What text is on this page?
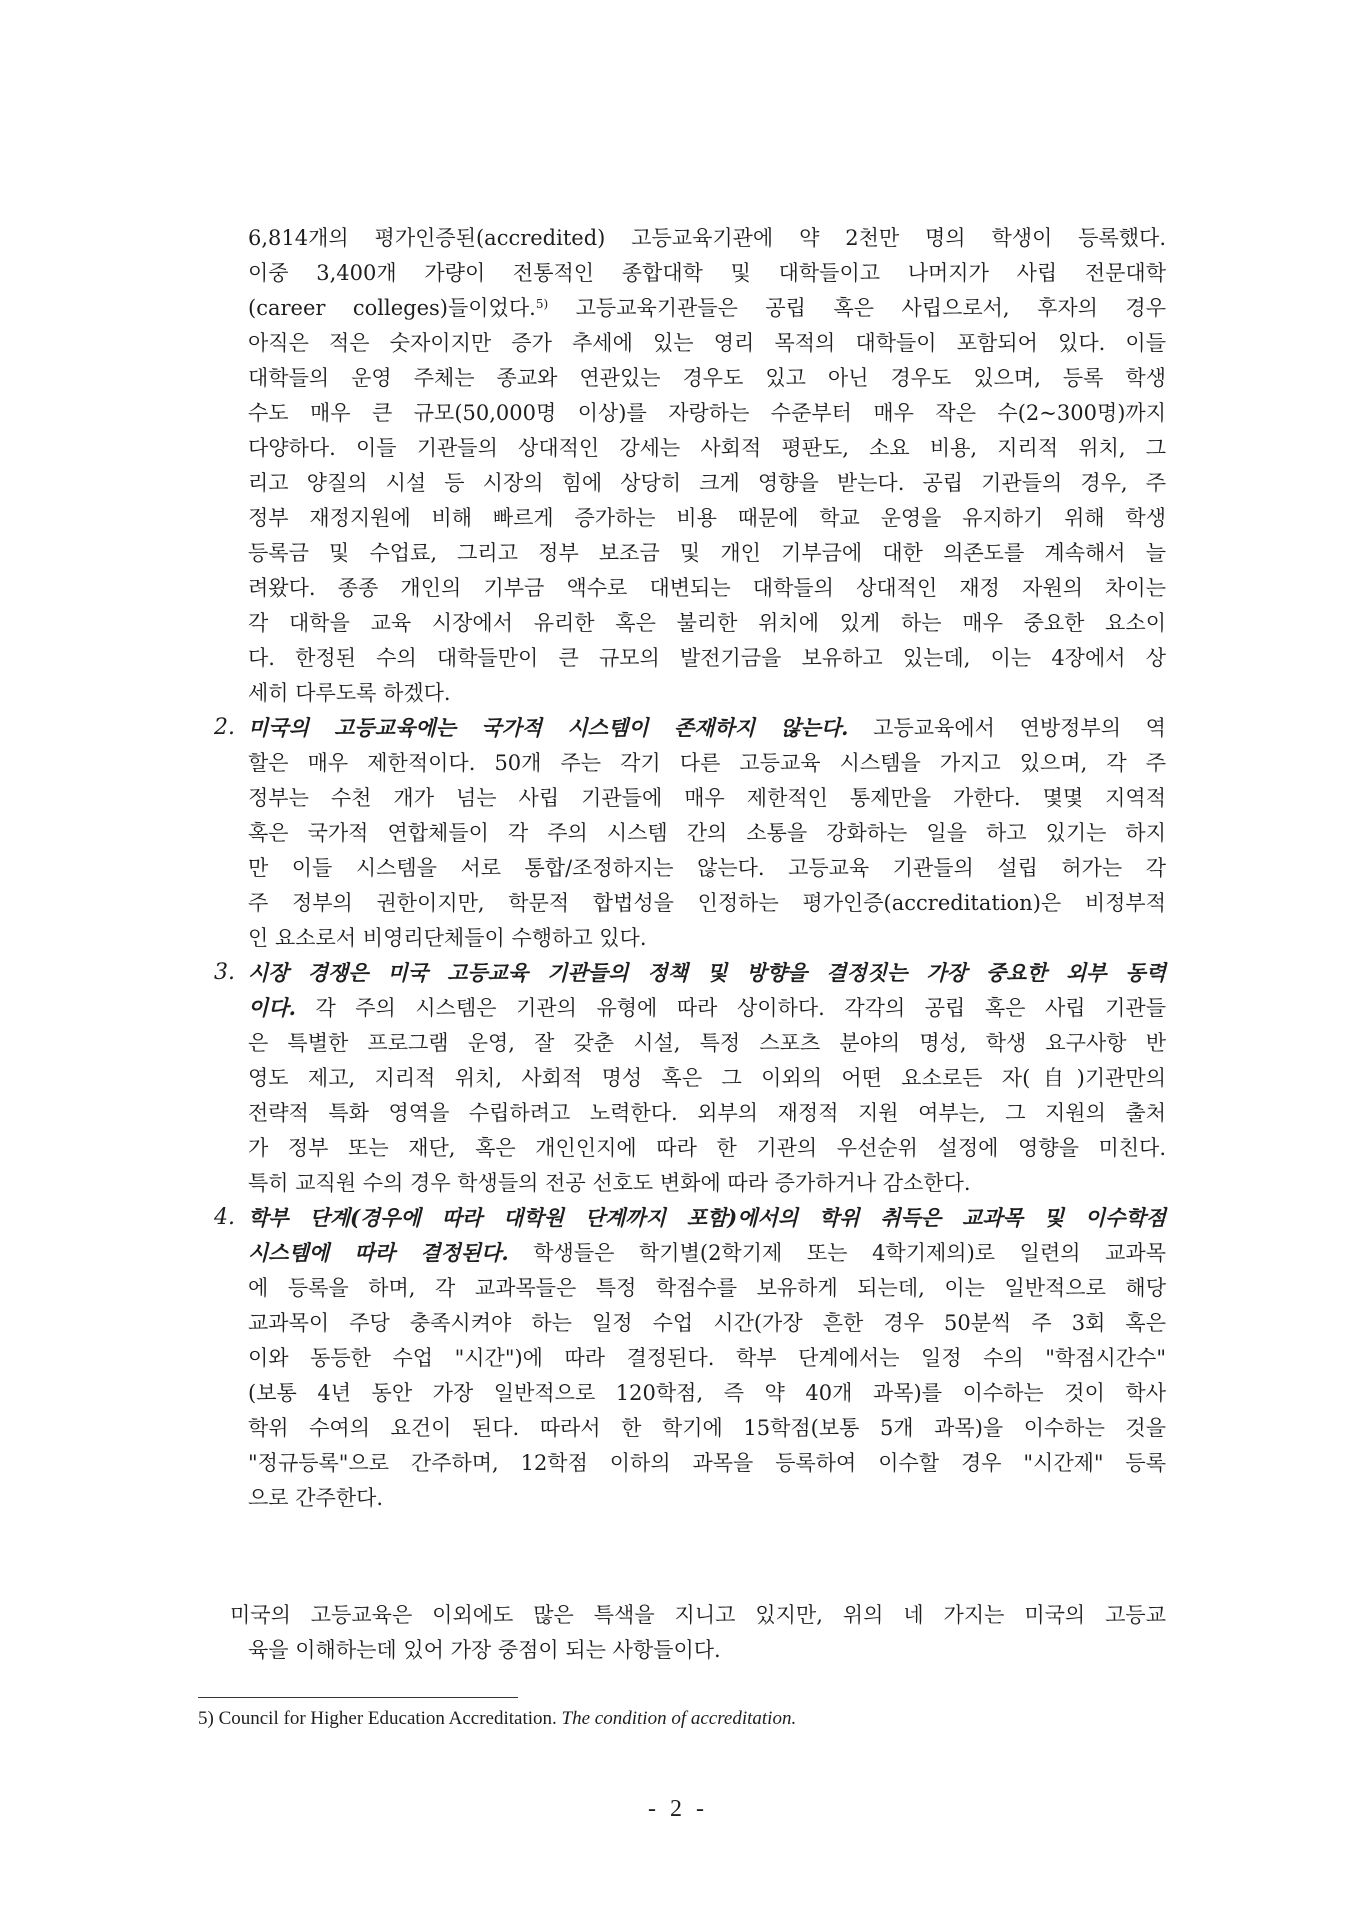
6,814개의 평가인증된(accredited) 고등교육기관에 약 2천만 명의 학생이 등록했다.
이중 3,400개 가량이 전통적인 종합대학 및 대학들이고 나머지가 사립 전문대학
(career colleges)들이었다.$^{5)}$ 고등교육기관들은 공립 혹은 사립으로서, 후자의 경우
아직은 적은 숫자이지만 증가 추세에 있는 영리 목적의 대학들이 포함되어 있다. 이들
대학들의 운영 주체는 종교와 연관있는 경우도 있고 아닌 경우도 있으며, 등록 학생
수도 매우 큰 규모(50,000명 이상)를 자랑하는 수준부터 매우 작은 수(2~300명)까지
다양하다. 이들 기관들의 상대적인 강세는 사회적 평판도, 소요 비용, 지리적 위치, 그
리고 양질의 시설 등 시장의 힘에 상당히 크게 영향을 받는다. 공립 기관들의 경우, 주
정부 재정지원에 비해 빠르게 증가하는 비용 때문에 학교 운영을 유지하기 위해 학생
등록금 및 수업료, 그리고 정부 보조금 및 개인 기부금에 대한 의존도를 계속해서 늘
려왔다. 종종 개인의 기부금 액수로 대변되는 대학들의 상대적인 재정 자원의 차이는
각 대학을 교육 시장에서 유리한 혹은 불리한 위치에 있게 하는 매우 중요한 요소이
다. 한정된 수의 대학들만이 큰 규모의 발전기금을 보유하고 있는데, 이는 4장에서 상
세히 다루도록 하겠다.
2. 미국의 고등교육에는 국가적 시스템이 존재하지 않는다. 고등교육에서 연방정부의 역
할은 매우 제한적이다. 50개 주는 각기 다른 고등교육 시스템을 가지고 있으며, 각 주
정부는 수천 개가 넘는 사립 기관들에 매우 제한적인 통제만을 가한다. 몇몇 지역적
혹은 국가적 연합체들이 각 주의 시스템 간의 소통을 강화하는 일을 하고 있기는 하지
만 이들 시스템을 서로 통합/조정하지는 않는다. 고등교육 기관들의 설립 허가는 각
주 정부의 권한이지만, 학문적 합법성을 인정하는 평가인증(accreditation)은 비정부적
인 요소로서 비영리단체들이 수행하고 있다.
3. 시장 경쟁은 미국 고등교육 기관들의 정책 및 방향을 결정짓는 가장 중요한 외부 동력
이다. 각 주의 시스템은 기관의 유형에 따라 상이하다. 각각의 공립 혹은 사립 기관들
은 특별한 프로그램 운영, 잘 갖춘 시설, 특정 스포츠 분야의 명성, 학생 요구사항 반
영도 제고, 지리적 위치, 사회적 명성 혹은 그 이외의 어떤 요소로든 자(自)기관만의
전략적 특화 영역을 수립하려고 노력한다. 외부의 재정적 지원 여부는, 그 지원의 출처
가 정부 또는 재단, 혹은 개인인지에 따라 한 기관의 우선순위 설정에 영향을 미친다.
특히 교직원 수의 경우 학생들의 전공 선호도 변화에 따라 증가하거나 감소한다.
4. 학부 단계(경우에 따라 대학원 단계까지 포함)에서의 학위 취득은 교과목 및 이수학점
시스템에 따라 결정된다. 학생들은 학기별(2학기제 또는 4학기제의)로 일련의 교과목
에 등록을 하며, 각 교과목들은 특정 학점수를 보유하게 되는데, 이는 일반적으로 해당
교과목이 주당 충족시켜야 하는 일정 수업 시간(가장 흔한 경우 50분씩 주 3회 혹은
이와 동등한 수업 "시간")에 따라 결정된다. 학부 단계에서는 일정 수의 "학점시간수"
(보통 4년 동안 가장 일반적으로 120학점, 즉 약 40개 과목)를 이수하는 것이 학사
학위 수여의 요건이 된다. 따라서 한 학기에 15학점(보통 5개 과목)을 이수하는 것을
"정규등록"으로 간주하며, 12학점 이하의 과목을 등록하여 이수할 경우 "시간제" 등록
으로 간주한다.
미국의 고등교육은 이외에도 많은 특색을 지니고 있지만, 위의 네 가지는 미국의 고등교
육을 이해하는데 있어 가장 중점이 되는 사항들이다.
5) Council for Higher Education Accreditation. The condition of accreditation.
- 2 -
